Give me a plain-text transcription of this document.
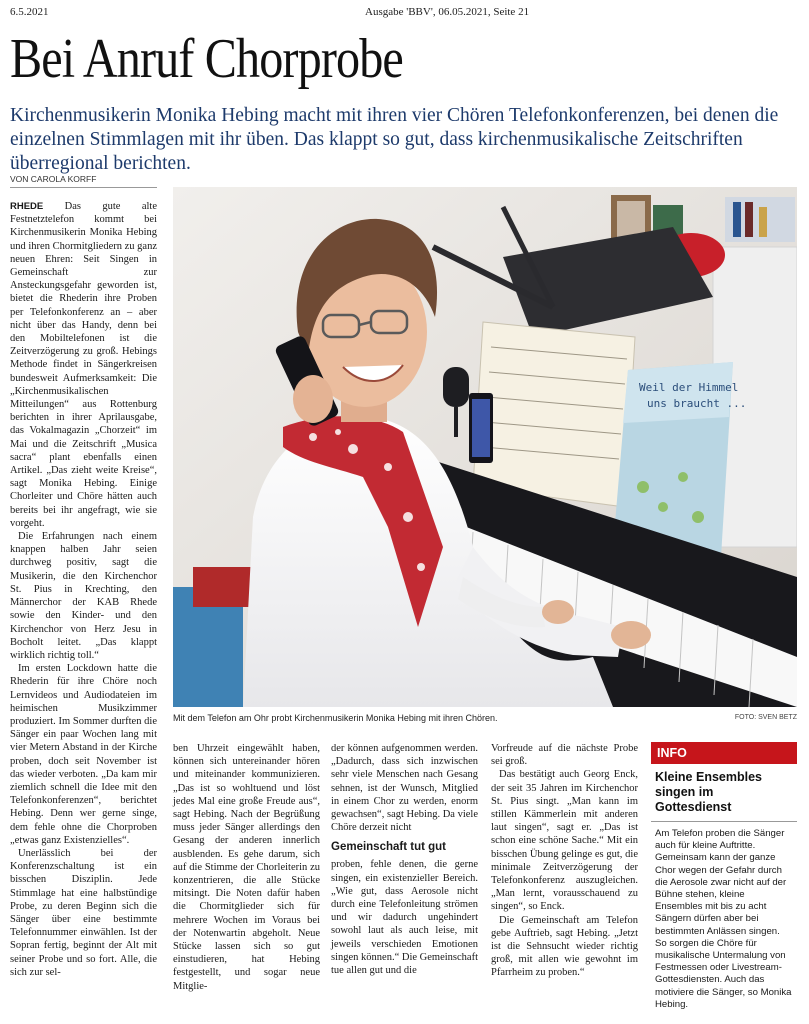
6.5.2021	Ausgabe 'BBV', 06.05.2021, Seite 21
Bei Anruf Chorprobe

Kirchenmusikerin Monika Hebing macht mit ihren vier Chören Telefonkonferenzen, bei denen die einzelnen Stimmlagen mit ihr üben. Das klappt so gut, dass kirchenmusikalische Zeitschriften überregional berichten.

VON CAROLA KORFF

RHEDE Das gute alte Festnetztelefon kommt bei Kirchenmusikerin Monika Hebing und ihren Chormitgliedern zu ganz neuen Ehren: Seit Singen in Gemeinschaft zur Ansteckungsgefahr geworden ist, bietet die Rhederin ihre Proben per Telefonkonferenz an – aber nicht über das Handy, denn bei den Mobiltelefonen ist die Zeitverzögerung zu groß. Hebings Methode findet in Sängerkreisen bundesweit Aufmerksamkeit: Die „Kirchenmusikalischen Mitteilungen“ aus Rottenburg berichten in ihrer Aprilausgabe, das Vokalmagazin „Chorzeit“ im Mai und die Zeitschrift „Musica sacra“ plant ebenfalls einen Artikel. „Das zieht weite Kreise“, sagt Monika Hebing. Einige Chorleiter und Chöre hätten auch bereits bei ihr angefragt, wie sie vorgeht.

Die Erfahrungen nach einem knappen halben Jahr seien durchweg positiv, sagt die Musikerin, die den Kirchenchor St. Pius in Krechting, den Männerchor der KAB Rhede sowie den Kinder- und den Kirchenchor von Herz Jesu in Bocholt leitet. „Das klappt wirklich richtig toll.“

Im ersten Lockdown hatte die Rhederin für ihre Chöre noch Lernvideos und Audiodateien im heimischen Musikzimmer produziert. Im Sommer durften die Sänger ein paar Wochen lang mit vier Metern Abstand in der Kirche proben, doch seit November ist das wieder verboten. „Da kam mir ziemlich schnell die Idee mit den Telefonkonferenzen“, berichtet Hebing. Denn wer gerne singe, dem fehle ohne die Chorproben „etwas ganz Existenzielles“.

Unerlässlich bei der Konferenzschaltung ist ein bisschen Disziplin. Jede Stimmlage hat eine halbstündige Probe, zu deren Beginn sich die Sänger über eine bestimmte Telefonnummer einwählen. Ist der Sopran fertig, beginnt der Alt mit seiner Probe und so fort. Alle, die sich zur sel-

Weil der Himmel
uns braucht ...
Mit dem Telefon am Ohr probt Kirchenmusikerin Monika Hebing mit ihren Chören.	FOTO: SVEN BETZ

ben Uhrzeit eingewählt haben, können sich untereinander hören und miteinander kommunizieren. „Das ist so wohltuend und löst jedes Mal eine große Freude aus“, sagt Hebing. Nach der Begrüßung muss jeder Sänger allerdings den Gesang der anderen innerlich ausblenden. Es gehe darum, sich auf die Stimme der Chorleiterin zu konzentrieren, die alle Stücke mitsingt. Die Noten dafür haben die Chormitglieder sich für mehrere Wochen im Voraus bei der Notenwartin abgeholt. Neue Stücke lassen sich so gut einstudieren, hat Hebing festgestellt, und sogar neue Mitglie-

der können aufgenommen werden. „Dadurch, dass sich inzwischen sehr viele Menschen nach Gesang sehnen, ist der Wunsch, Mitglied in einem Chor zu werden, enorm gewachsen“, sagt Hebing. Da viele Chöre derzeit nicht

Gemeinschaft tut gut

proben, fehle denen, die gerne singen, ein existenzieller Bereich. „Wie gut, dass Aerosole nicht durch eine Telefonleitung strömen und wir dadurch ungehindert sowohl laut als auch leise, mit jeweils verschieden Emotionen singen können.“ Die Gemeinschaft tue allen gut und die

Vorfreude auf die nächste Probe sei groß.

Das bestätigt auch Georg Enck, der seit 35 Jahren im Kirchenchor St. Pius singt. „Man kann im stillen Kämmerlein mit anderen laut singen“, sagt er. „Das ist schon eine schöne Sache.“ Mit ein bisschen Übung gelinge es gut, die minimale Zeitverzögerung der Telefonkonferenz auszugleichen. „Man lernt, vorausschauend zu singen“, so Enck.

Die Gemeinschaft am Telefon gebe Auftrieb, sagt Hebing. „Jetzt ist die Sehnsucht wieder richtig groß, mit allen wie gewohnt im Pfarrheim zu proben.“

INFO
Kleine Ensembles singen im Gottesdienst
Am Telefon proben die Sänger auch für kleine Auftritte. Gemeinsam kann der ganze Chor wegen der Gefahr durch die Aerosole zwar nicht auf der Bühne stehen, kleine Ensembles mit bis zu acht Sängern dürfen aber bei bestimmten Anlässen singen. So sorgen die Chöre für musikalische Untermalung von Festmessen oder Livestream-Gottesdiensten. Auch das motiviere die Sänger, so Monika Hebing.
